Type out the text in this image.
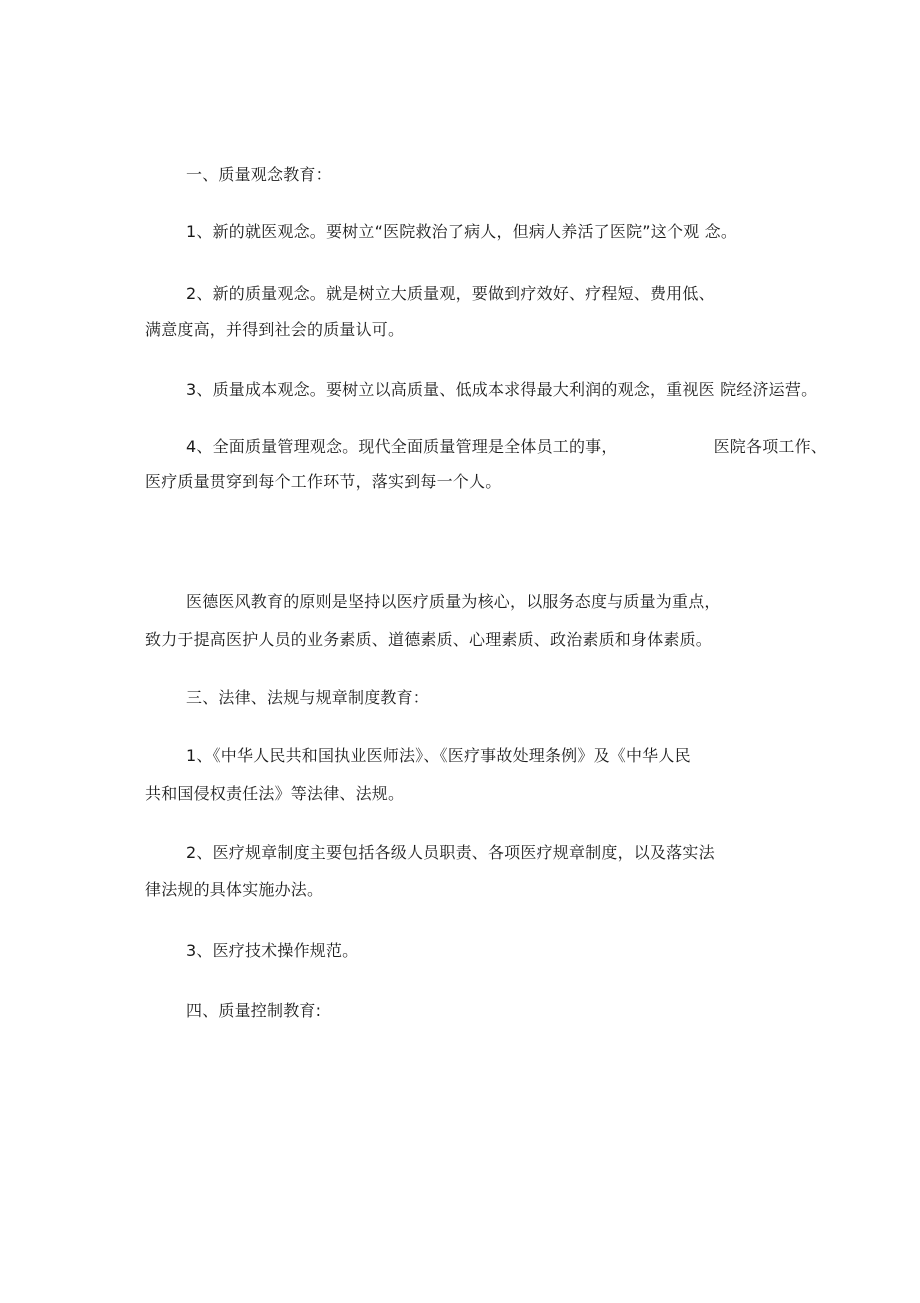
一、质量观念教育：
1、新的就医观念。要树立“医院救治了病人，但病人养活了医院”这个观 念。
2、新的质量观念。就是树立大质量观，要做到疗效好、疗程短、费用低、
满意度高，并得到社会的质量认可。
3、质量成本观念。要树立以高质量、低成本求得最大利润的观念，重视医 院经济运营。
4、全面质量管理观念。现代全面质量管理是全体员工的事，	医院各项工作、
医疗质量贯穿到每个工作环节，落实到每一个人。
医德医风教育的原则是坚持以医疗质量为核心，以服务态度与质量为重点，
致力于提高医护人员的业务素质、道德素质、心理素质、政治素质和身体素质。
三、法律、法规与规章制度教育：
1、《中华人民共和国执业医师法》、《医疗事故处理条例》及《中华人民
共和国侵权责任法》等法律、法规。
2、医疗规章制度主要包括各级人员职责、各项医疗规章制度，以及落实法
律法规的具体实施办法。
3、医疗技术操作规范。
四、质量控制教育:
